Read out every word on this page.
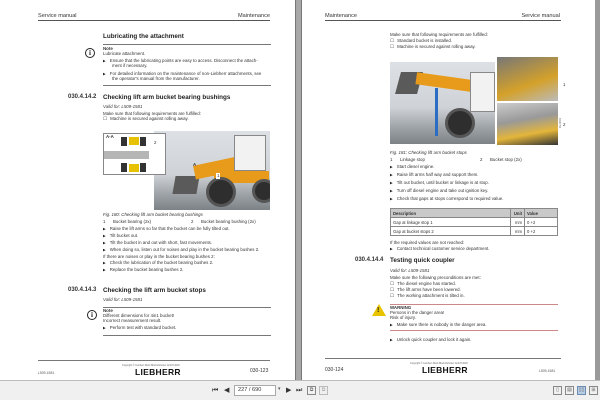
Service manual	Maintenance
Lubricating the attachment
i
Note
Lubricate attachment.
▶ Ensure that the lubricating points are easy to access. Disconnect the attach-
ment if necessary.
▶ For detailed information on the maintenance of non-Liebherr attachments, see
the operator's manual from the manufacturer.
030.4.14.2 Checking lift arm bucket bearing bushings
Valid for: L509-1581
Make sure that following requirements are fulfilled:
☐ Machine is secured against rolling away.
A
1
A-A
2
Fig. 180: Checking lift arm bucket bearing bushings
1 Bucket bearing (2x)	2 Bucket bearing bushing (2x)
▶ Raise the lift arms so far that the bucket can be fully tilted out.
▶ Tilt bucket out.
▶ Tilt the bucket in and out with short, fast movements.
▶ When doing so, listen out for noises and play in the bucket bearing bushes 2.
If there are noises or play in the bucket bearing bushes 2:
▶ Check the lubrication of the bucket bearing bushes 2.
▶ Replace the bucket bearing bushes 2.
030.4.14.3 Checking the lift arm bucket stops
Valid for: L509-1581
i
Note
Different dimensions for 4in1 bucket!
Incorrect measurement result.
▶ Perform test with standard bucket.
L509-1581
Copyright © Liebherr-Werk Bischofshofen GmbH 2020
LIEBHERR	030-123
Maintenance	Service manual
Make sure that following requirements are fulfilled:
☐ Standard bucket is installed.
☐ Machine is secured against rolling away.
1
2
RL-0001
Fig. 181: Checking lift arm bucket stops
1 Linkage stop	2 Bucket stop (2x)
▶ Start diesel engine.
▶ Raise lift arms half way and support them.
▶ Tilt out bucket, until bucket or linkage is at stop.
▶ Turn off diesel engine and take out ignition key.
▶ Check that gaps at stops correspond to required value.
Description	Unit	Value
Gap at linkage stop 1	mm	0 +2
Gap at bucket stops 2	mm	0 +2
If the required values are not reached:
▶ Contact technical customer service department.
030.4.14.4 Testing quick coupler
Valid for: L509-1581
Make sure the following preconditions are met:
☐ The diesel engine has started.
☐ The lift arms have been lowered.
☐ The working attachment is tilted in.
! WARNING
Persons in the danger area!
Risk of injury.
▶ Make sure there is nobody in the danger area.
▶ Unlock quick coupler and lock it again.
030-124
Copyright © Liebherr-Werk Bischofshofen GmbH 2020
LIEBHERR	L509-1581
⏮ ◀	227 / 690	▾ ▶ ⏭	⧉	⧉	▯	▤	▯▯	⊞
